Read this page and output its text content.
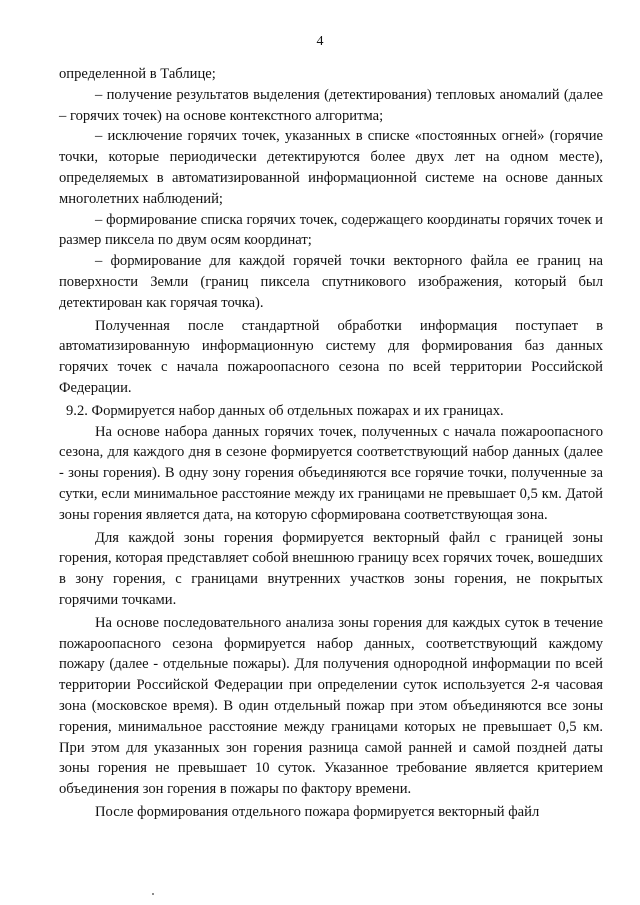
4

определенной в Таблице;

– получение результатов выделения (детектирования) тепловых аномалий (далее – горячих точек) на основе контекстного алгоритма;

– исключение горячих точек, указанных в списке «постоянных огней» (горячие точки, которые периодически детектируются более двух лет на одном месте), определяемых в автоматизированной информационной системе на основе данных многолетних наблюдений;

– формирование списка горячих точек, содержащего координаты горячих точек и размер пиксела по двум осям координат;

– формирование для каждой горячей точки векторного файла ее границ на поверхности Земли (границ пиксела спутникового изображения, который был детектирован как горячая точка).

Полученная после стандартной обработки информация поступает в автоматизированную информационную систему для формирования баз данных горячих точек с начала пожароопасного сезона по всей территории Российской Федерации.

9.2. Формируется набор данных об отдельных пожарах и их границах.

На основе набора данных горячих точек, полученных с начала пожароопасного сезона, для каждого дня в сезоне формируется соответствующий набор данных (далее - зоны горения). В одну зону горения объединяются все горячие точки, полученные за сутки, если минимальное расстояние между их границами не превышает 0,5 км. Датой зоны горения является дата, на которую сформирована соответствующая зона.

Для каждой зоны горения формируется векторный файл с границей зоны горения, которая представляет собой внешнюю границу всех горячих точек, вошедших в зону горения, с границами внутренних участков зоны горения, не покрытых горячими точками.

На основе последовательного анализа зоны горения для каждых суток в течение пожароопасного сезона формируется набор данных, соответствующий каждому пожару (далее - отдельные пожары). Для получения однородной информации по всей территории Российской Федерации при определении суток используется 2-я часовая зона (московское время). В один отдельный пожар при этом объединяются все зоны горения, минимальное расстояние между границами которых не превышает 0,5 км. При этом для указанных зон горения разница самой ранней и самой поздней даты зоны горения не превышает 10 суток. Указанное требование является критерием объединения зон горения в пожары по фактору времени.

После формирования отдельного пожара формируется векторный файл
